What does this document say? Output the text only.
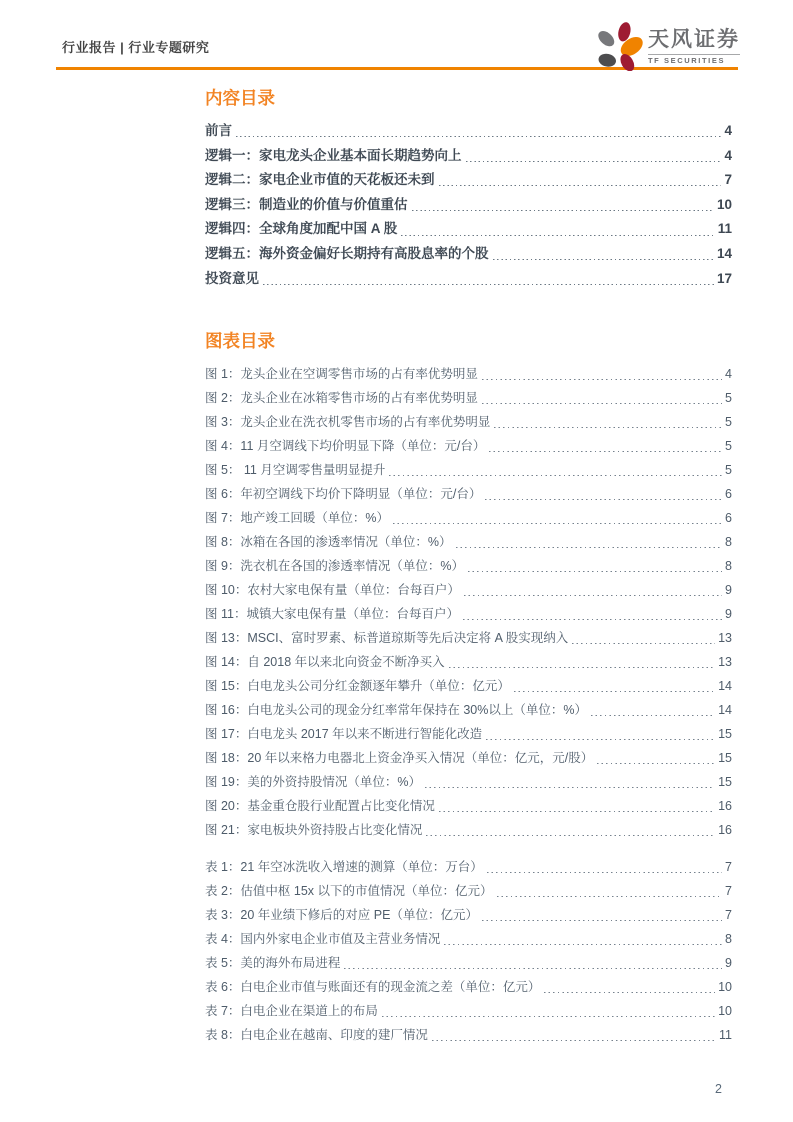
行业报告 | 行业专题研究	天风证券
TF SECURITIES
内容目录
前言	4
逻辑一：家电龙头企业基本面长期趋势向上	4
逻辑二：家电企业市值的天花板还未到	7
逻辑三：制造业的价值与价值重估	10
逻辑四：全球角度加配中国 A 股	11
逻辑五：海外资金偏好长期持有高股息率的个股	14
投资意见	17
图表目录
图 1：龙头企业在空调零售市场的占有率优势明显	4
图 2：龙头企业在冰箱零售市场的占有率优势明显	5
图 3：龙头企业在洗衣机零售市场的占有率优势明显	5
图 4：11 月空调线下均价明显下降（单位：元/台）	5
图 5： 11 月空调零售量明显提升	5
图 6：年初空调线下均价下降明显（单位：元/台）	6
图 7：地产竣工回暖（单位：%）	6
图 8：冰箱在各国的渗透率情况（单位：%）	8
图 9：洗衣机在各国的渗透率情况（单位：%）	8
图 10：农村大家电保有量（单位：台每百户）	9
图 11：城镇大家电保有量（单位：台每百户）	9
图 13：MSCI、富时罗素、标普道琼斯等先后决定将 A 股实现纳入	13
图 14：自 2018 年以来北向资金不断净买入	13
图 15：白电龙头公司分红金额逐年攀升（单位：亿元）	14
图 16：白电龙头公司的现金分红率常年保持在 30%以上（单位：%）	14
图 17：白电龙头 2017 年以来不断进行智能化改造	15
图 18：20 年以来格力电器北上资金净买入情况（单位：亿元，元/股）	15
图 19：美的外资持股情况（单位：%）	15
图 20：基金重仓股行业配置占比变化情况	16
图 21：家电板块外资持股占比变化情况	16
表 1：21 年空冰洗收入增速的测算（单位：万台）	7
表 2：估值中枢 15x 以下的市值情况（单位：亿元）	7
表 3：20 年业绩下修后的对应 PE（单位：亿元）	7
表 4：国内外家电企业市值及主营业务情况	8
表 5：美的海外布局进程	9
表 6：白电企业市值与账面还有的现金流之差（单位：亿元）	10
表 7：白电企业在渠道上的布局	10
表 8：白电企业在越南、印度的建厂情况	11
2
